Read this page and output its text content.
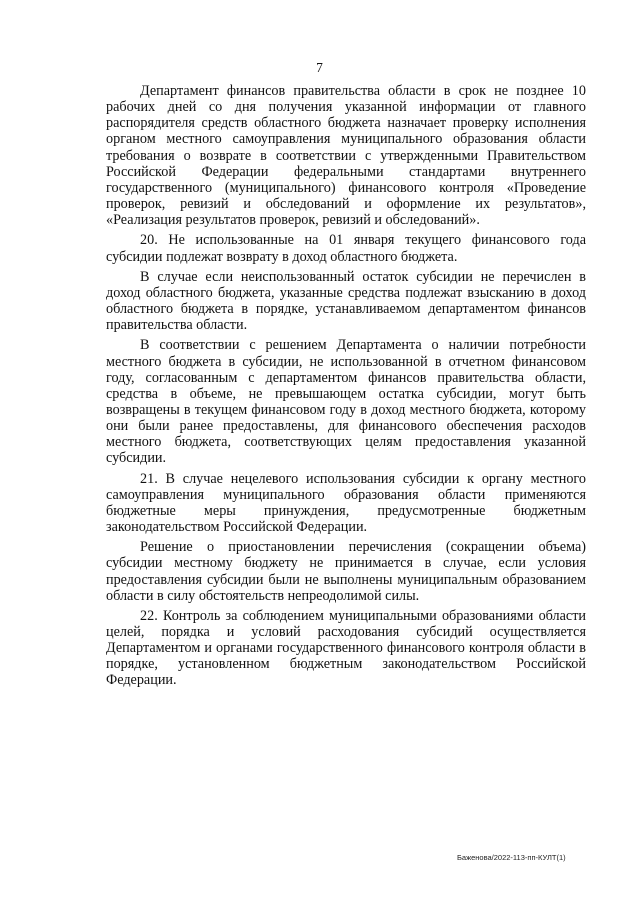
7

Департамент финансов правительства области в срок не позднее 10 рабочих дней со дня получения указанной информации от главного распорядителя средств областного бюджета назначает проверку исполнения органом местного самоуправления муниципального образования области требования о возврате в соответствии с утвержденными Правительством Российской Федерации федеральными стандартами внутреннего государственного (муниципального) финансового контроля «Проведение проверок, ревизий и обследований и оформление их результатов», «Реализация результатов проверок, ревизий и обследований».

20. Не использованные на 01 января текущего финансового года субсидии подлежат возврату в доход областного бюджета.

В случае если неиспользованный остаток субсидии не перечислен в доход областного бюджета, указанные средства подлежат взысканию в доход областного бюджета в порядке, устанавливаемом департаментом финансов правительства области.

В соответствии с решением Департамента о наличии потребности местного бюджета в субсидии, не использованной в отчетном финансовом году, согласованным с департаментом финансов правительства области, средства в объеме, не превышающем остатка субсидии, могут быть возвращены в текущем финансовом году в доход местного бюджета, которому они были ранее предоставлены, для финансового обеспечения расходов местного бюджета, соответствующих целям предоставления указанной субсидии.

21. В случае нецелевого использования субсидии к органу местного самоуправления муниципального образования области применяются бюджетные меры принуждения, предусмотренные бюджетным законодательством Российской Федерации.

Решение о приостановлении перечисления (сокращении объема) субсидии местному бюджету не принимается в случае, если условия предоставления субсидии были не выполнены муниципальным образованием области в силу обстоятельств непреодолимой силы.

22. Контроль за соблюдением муниципальными образованиями области целей, порядка и условий расходования субсидий осуществляется Департаментом и органами государственного финансового контроля области в порядке, установленном бюджетным законодательством Российской Федерации.

Баженова/2022-113-пп-КУЛТ(1)
